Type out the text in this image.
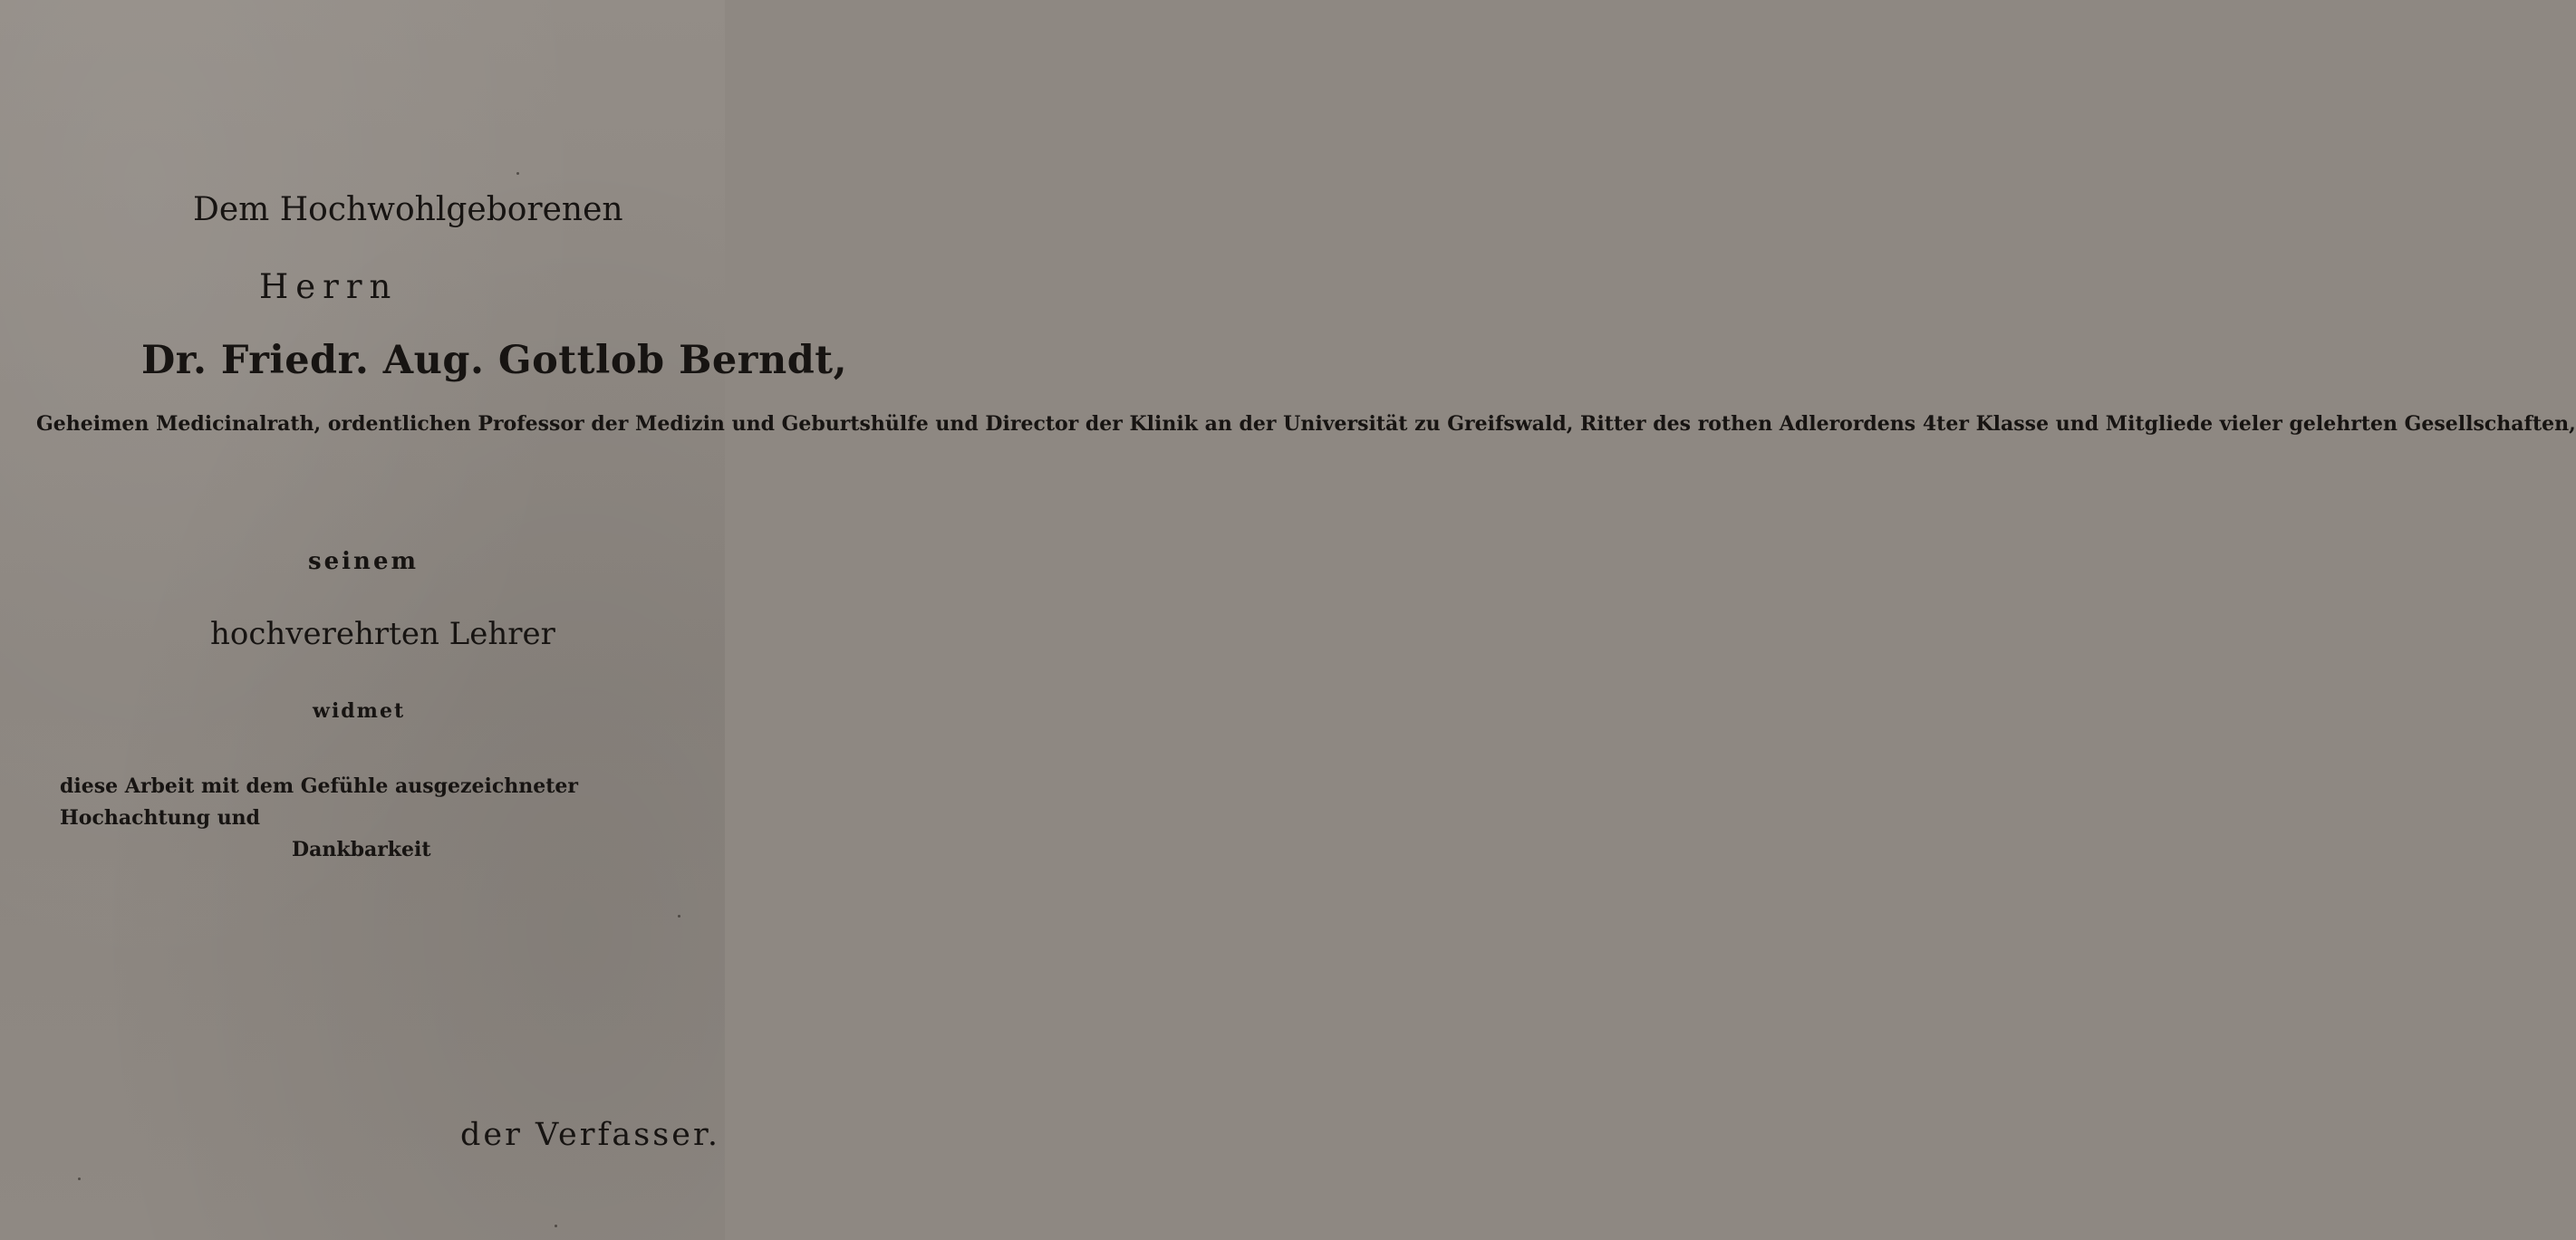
Dem Hochwohlgeborenen
Herrn
Dr. Friedr. Aug. Gottlob Berndt,
Geheimen Medicinalrath, ordentlichen Professor der Medizin und Geburtshülfe und Director der Klinik an der Universität zu Greifswald, Ritter des rothen Adlerordens 4ter Klasse und Mitgliede vieler gelehrten Gesellschaften,
seinem
hochverehrten Lehrer
widmet
diese Arbeit mit dem Gefühle ausgezeichneter Hochachtung und
Dankbarkeit
der Verfasser.
